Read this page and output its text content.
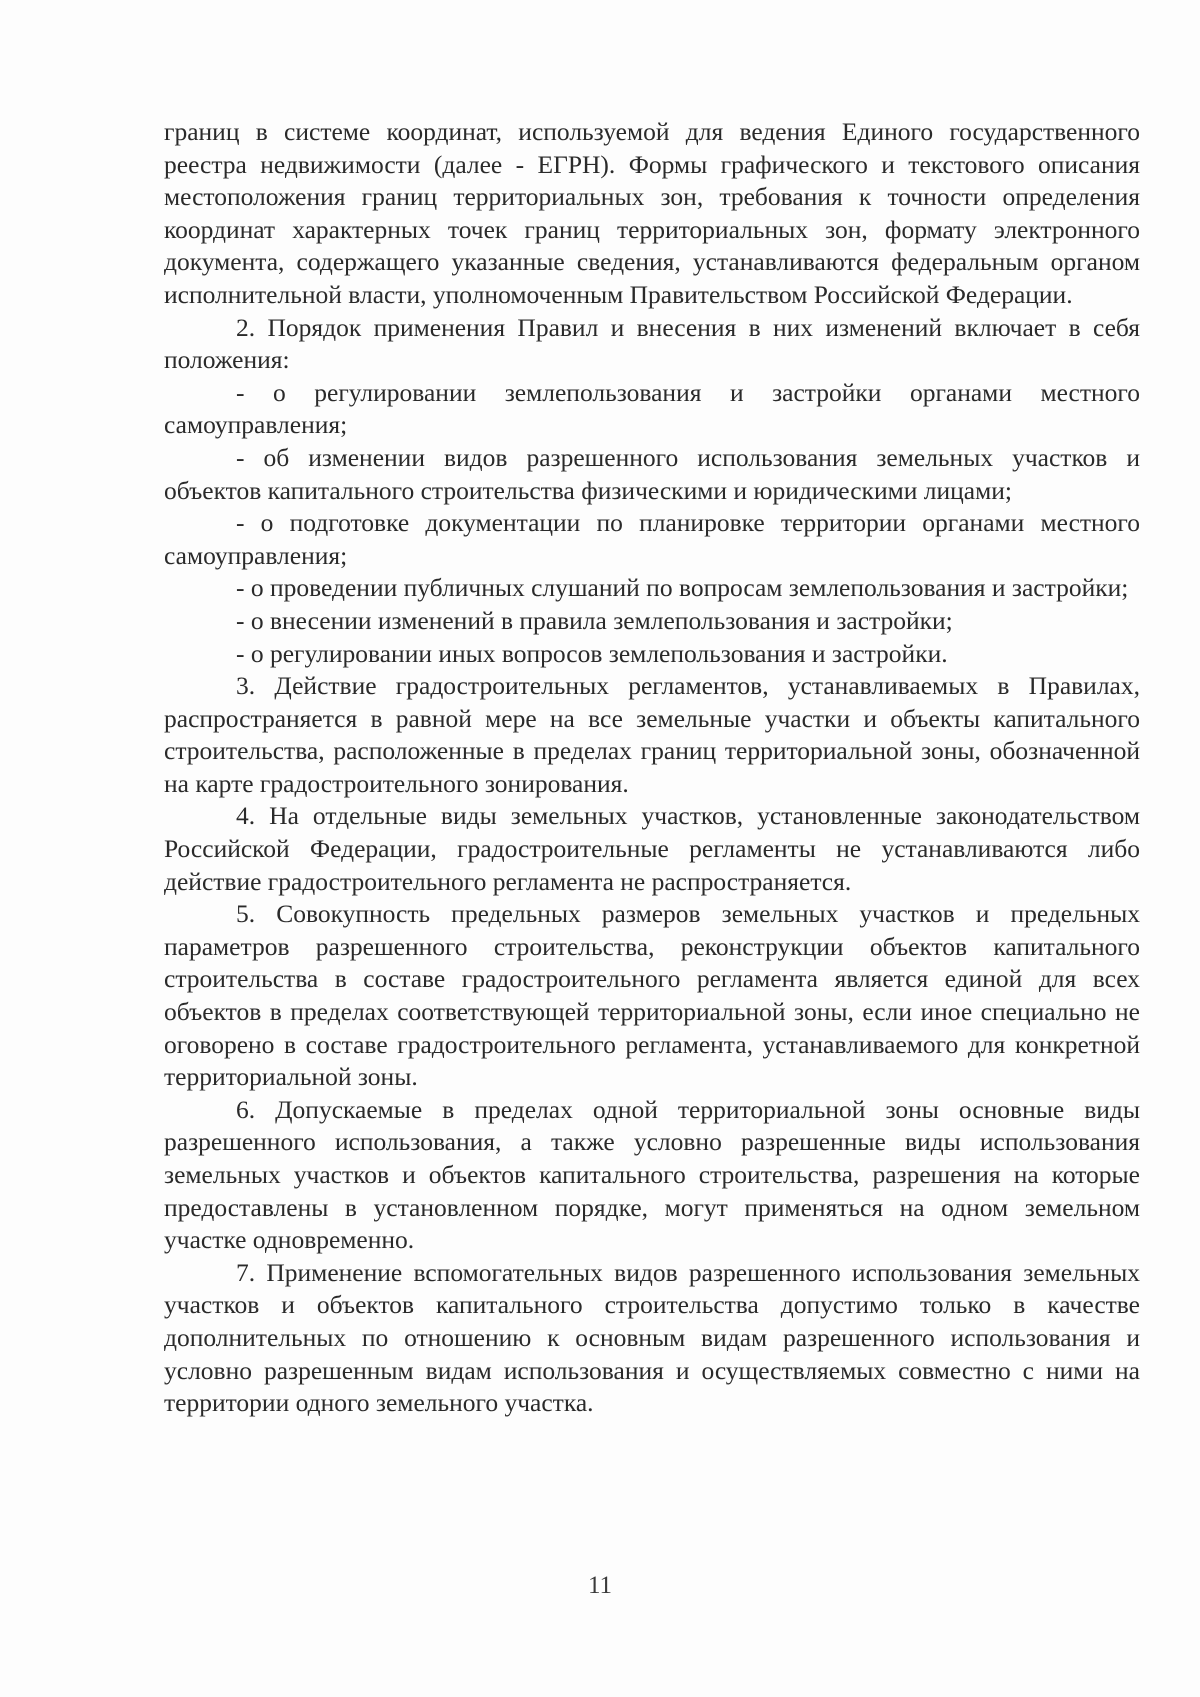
границ в системе координат, используемой для ведения Единого государственного реестра недвижимости (далее - ЕГРН). Формы графического и текстового описания местоположения границ территориальных зон, требования к точности определения координат характерных точек границ территориальных зон, формату электронного документа, содержащего указанные сведения, устанавливаются федеральным органом исполнительной власти, уполномоченным Правительством Российской Федерации.

2. Порядок применения Правил и внесения в них изменений включает в себя положения:

- о регулировании землепользования и застройки органами местного самоуправления;

- об изменении видов разрешенного использования земельных участков и объектов капитального строительства физическими и юридическими лицами;

- о подготовке документации по планировке территории органами местного самоуправления;

- о проведении публичных слушаний по вопросам землепользования и застройки;

- о внесении изменений в правила землепользования и застройки;

- о регулировании иных вопросов землепользования и застройки.

3. Действие градостроительных регламентов, устанавливаемых в Правилах, распространяется в равной мере на все земельные участки и объекты капитального строительства, расположенные в пределах границ территориальной зоны, обозначенной на карте градостроительного зонирования.

4. На отдельные виды земельных участков, установленные законодательством Российской Федерации, градостроительные регламенты не устанавливаются либо действие градостроительного регламента не распространяется.

5. Совокупность предельных размеров земельных участков и предельных параметров разрешенного строительства, реконструкции объектов капитального строительства в составе градостроительного регламента является единой для всех объектов в пределах соответствующей территориальной зоны, если иное специально не оговорено в составе градостроительного регламента, устанавливаемого для конкретной территориальной зоны.

6. Допускаемые в пределах одной территориальной зоны основные виды разрешенного использования, а также условно разрешенные виды использования земельных участков и объектов капитального строительства, разрешения на которые предоставлены в установленном порядке, могут применяться на одном земельном участке одновременно.

7. Применение вспомогательных видов разрешенного использования земельных участков и объектов капитального строительства допустимо только в качестве дополнительных по отношению к основным видам разрешенного использования и условно разрешенным видам использования и осуществляемых совместно с ними на территории одного земельного участка.

11
